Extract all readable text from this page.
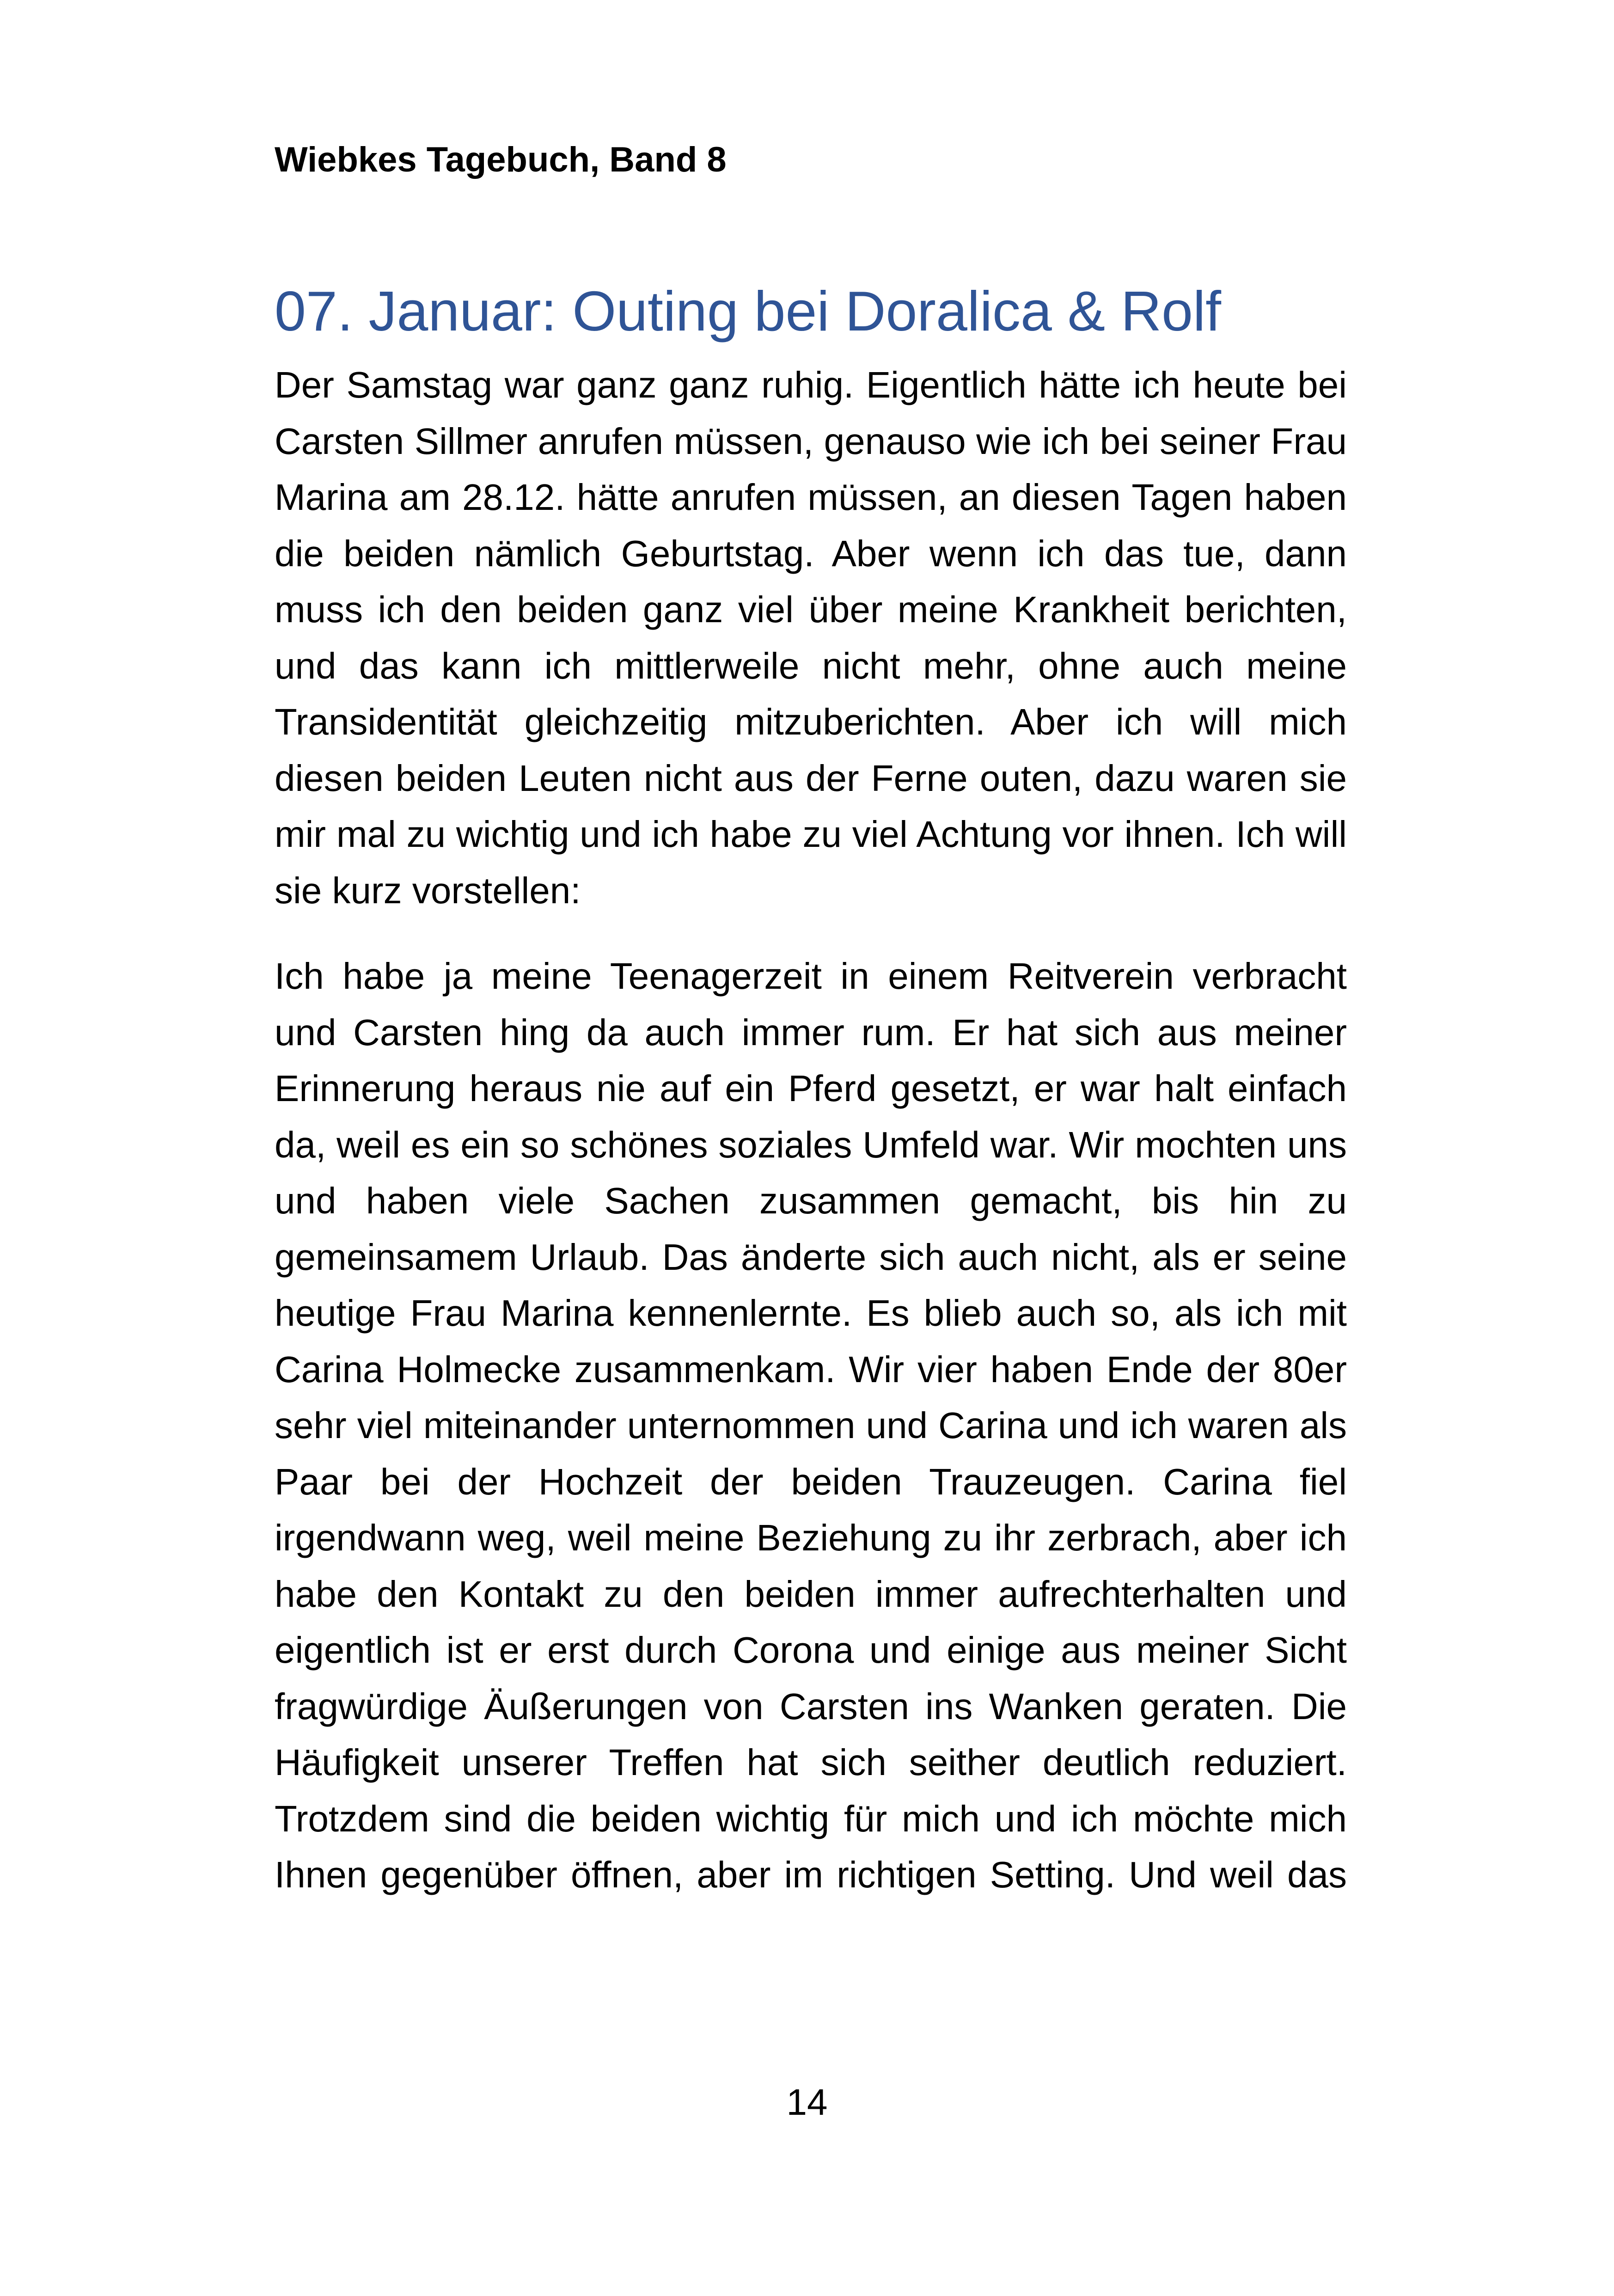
Wiebkes Tagebuch, Band 8
07. Januar: Outing bei Doralica & Rolf

Der Samstag war ganz ganz ruhig. Eigentlich hätte ich heute bei Carsten Sillmer anrufen müssen, genauso wie ich bei seiner Frau Marina am 28.12. hätte anrufen müssen, an diesen Tagen haben die beiden nämlich Geburtstag. Aber wenn ich das tue, dann muss ich den beiden ganz viel über meine Krankheit berichten, und das kann ich mittlerweile nicht mehr, ohne auch meine Transidentität gleichzeitig mitzuberichten. Aber ich will mich diesen beiden Leuten nicht aus der Ferne outen, dazu waren sie mir mal zu wichtig und ich habe zu viel Achtung vor ihnen. Ich will sie kurz vorstellen:

Ich habe ja meine Teenagerzeit in einem Reitverein verbracht und Carsten hing da auch immer rum. Er hat sich aus meiner Erinnerung heraus nie auf ein Pferd gesetzt, er war halt einfach da, weil es ein so schönes soziales Umfeld war. Wir mochten uns und haben viele Sachen zusammen gemacht, bis hin zu gemeinsamem Urlaub. Das änderte sich auch nicht, als er seine heutige Frau Marina kennenlernte. Es blieb auch so, als ich mit Carina Holmecke zusammenkam. Wir vier haben Ende der 80er sehr viel miteinander unternommen und Carina und ich waren als Paar bei der Hochzeit der beiden Trauzeugen. Carina fiel irgendwann weg, weil meine Beziehung zu ihr zerbrach, aber ich habe den Kontakt zu den beiden immer aufrechterhalten und eigentlich ist er erst durch Corona und einige aus meiner Sicht fragwürdige Äußerungen von Carsten ins Wanken geraten. Die Häufigkeit unserer Treffen hat sich seither deutlich reduziert. Trotzdem sind die beiden wichtig für mich und ich möchte mich Ihnen gegenüber öffnen, aber im richtigen Setting. Und weil das

14
